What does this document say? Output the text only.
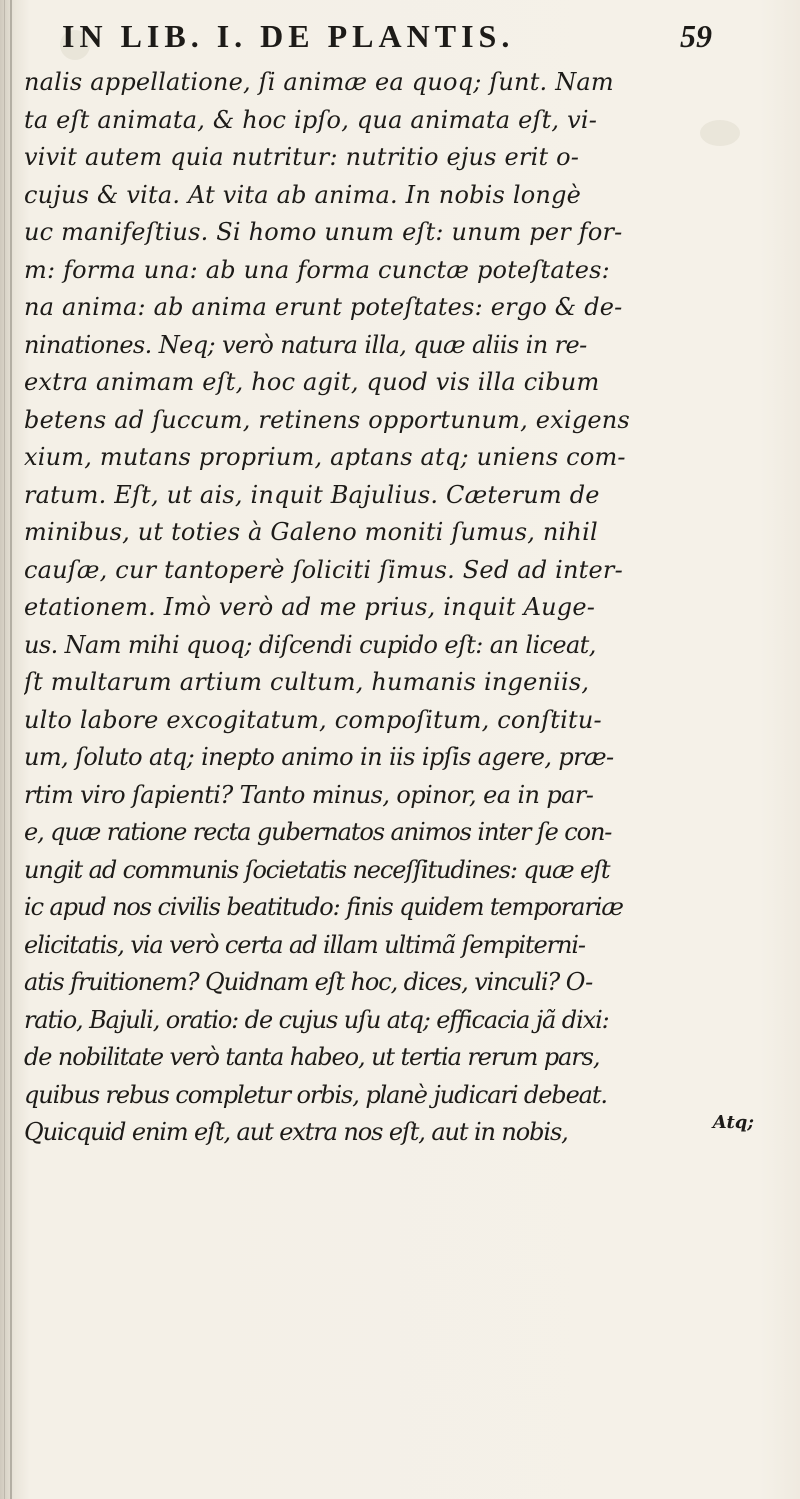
IN LIB. I. DE PLANTIS.	59
nalis appellatione, ſi animæ ea quoq; ſunt. Nam
ta eſt animata, & hoc ipſo, qua animata eſt, vi-
vivit autem quia nutritur: nutritio ejus erit o-
cujus & vita. At vita ab anima. In nobis longè
uc manifeſtius. Si homo unum eſt: unum per for-
m: forma una: ab una forma cunctæ poteſtates:
na anima: ab anima erunt poteſtates: ergo & de-
ninationes. Neq; verò natura illa, quæ aliis in re-
extra animam eſt, hoc agit, quod vis illa cibum
betens ad ſuccum, retinens opportunum, exigens
xium, mutans proprium, aptans atq; uniens com-
ratum. Eſt, ut ais, inquit Bajulius. Cæterum de
minibus, ut toties à Galeno moniti ſumus, nihil
cauſæ, cur tantoperè ſoliciti ſimus. Sed ad inter-
etationem. Imò verò ad me prius, inquit Auge-
us. Nam mihi quoq; diſcendi cupido eſt: an liceat,
ſt multarum artium cultum, humanis ingeniis,
ulto labore excogitatum, compoſitum, conſtitu-
um, ſoluto atq; inepto animo in iis ipſis agere, præ-
rtim viro ſapienti? Tanto minus, opinor, ea in par-
e, quæ ratione recta gubernatos animos inter ſe con-
ungit ad communis ſocietatis neceſſitudines: quæ eſt
ic apud nos civilis beatitudo: finis quidem temporariæ
elicitatis, via verò certa ad illam ultimã ſempiterni-
atis fruitionem? Quidnam eſt hoc, dices, vinculi? O-
ratio, Bajuli, oratio: de cujus uſu atq; efficacia jã dixi:
de nobilitate verò tanta habeo, ut tertia rerum pars,
quibus rebus completur orbis, planè judicari debeat.
Quicquid enim eſt, aut extra nos eſt, aut in nobis,	Atq;
